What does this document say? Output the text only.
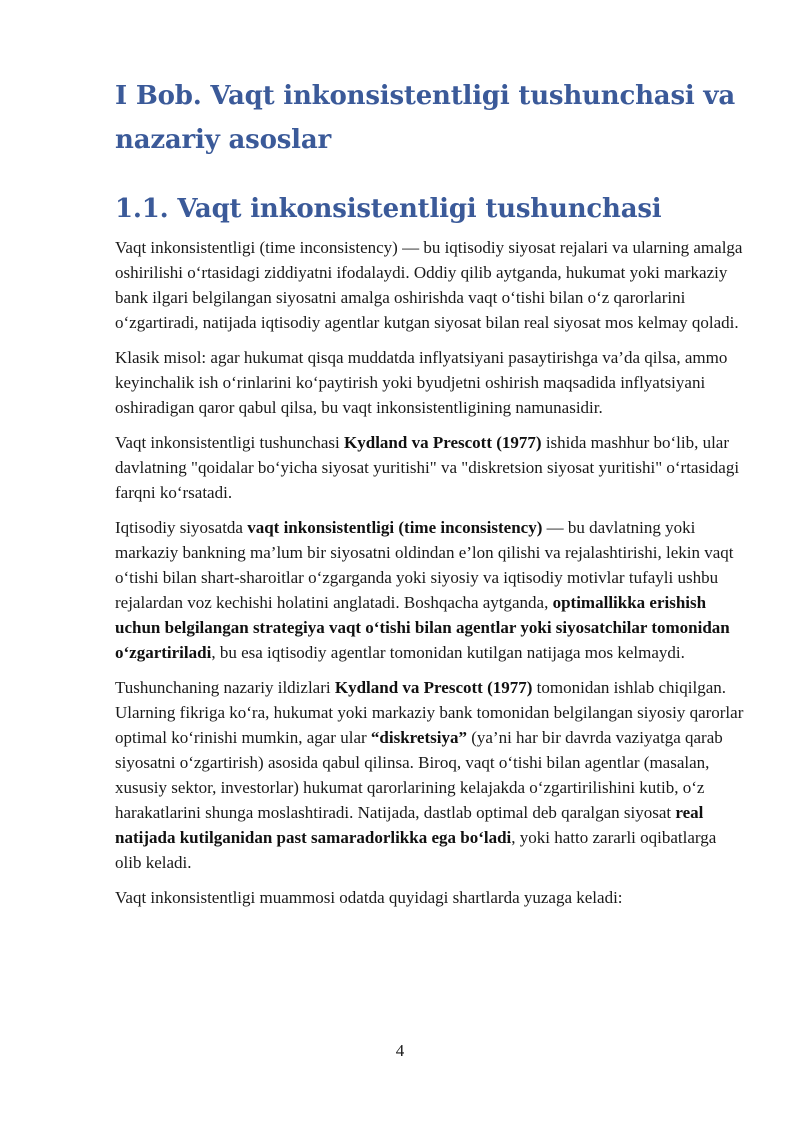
I Bob. Vaqt inkonsistentligi tushunchasi va nazariy asoslar
1.1. Vaqt inkonsistentligi tushunchasi

Vaqt inkonsistentligi (time inconsistency) — bu iqtisodiy siyosat rejalari va ularning amalga oshirilishi o‘rtasidagi ziddiyatni ifodalaydi. Oddiy qilib aytganda, hukumat yoki markaziy bank ilgari belgilangan siyosatni amalga oshirishda vaqt o‘tishi bilan o‘z qarorlarini o‘zgartiradi, natijada iqtisodiy agentlar kutgan siyosat bilan real siyosat mos kelmay qoladi.

Klasik misol: agar hukumat qisqa muddatda inflyatsiyani pasaytirishga va’da qilsa, ammo keyinchalik ish o‘rinlarini ko‘paytirish yoki byudjetni oshirish maqsadida inflyatsiyani oshiradigan qaror qabul qilsa, bu vaqt inkonsistentligining namunasidir.

Vaqt inkonsistentligi tushunchasi Kydland va Prescott (1977) ishida mashhur bo‘lib, ular davlatning "qoidalar bo‘yicha siyosat yuritishi" va "diskretsion siyosat yuritishi" o‘rtasidagi farqni ko‘rsatadi.

Iqtisodiy siyosatda vaqt inkonsistentligi (time inconsistency) — bu davlatning yoki markaziy bankning ma’lum bir siyosatni oldindan e’lon qilishi va rejalashtirishi, lekin vaqt o‘tishi bilan shart-sharoitlar o‘zgarganda yoki siyosiy va iqtisodiy motivlar tufayli ushbu rejalardan voz kechishi holatini anglatadi. Boshqacha aytganda, optimallikka erishish uchun belgilangan strategiya vaqt o‘tishi bilan agentlar yoki siyosatchilar tomonidan o‘zgartiriladi, bu esa iqtisodiy agentlar tomonidan kutilgan natijaga mos kelmaydi.

Tushunchaning nazariy ildizlari Kydland va Prescott (1977) tomonidan ishlab chiqilgan. Ularning fikriga ko‘ra, hukumat yoki markaziy bank tomonidan belgilangan siyosiy qarorlar optimal ko‘rinishi mumkin, agar ular “diskretsiya” (ya’ni har bir davrda vaziyatga qarab siyosatni o‘zgartirish) asosida qabul qilinsa. Biroq, vaqt o‘tishi bilan agentlar (masalan, xususiy sektor, investorlar) hukumat qarorlarining kelajakda o‘zgartirilishini kutib, o‘z harakatlarini shunga moslashtiradi. Natijada, dastlab optimal deb qaralgan siyosat real natijada kutilganidan past samaradorlikka ega bo‘ladi, yoki hatto zararli oqibatlarga olib keladi.

Vaqt inkonsistentligi muammosi odatda quyidagi shartlarda yuzaga keladi:

4
